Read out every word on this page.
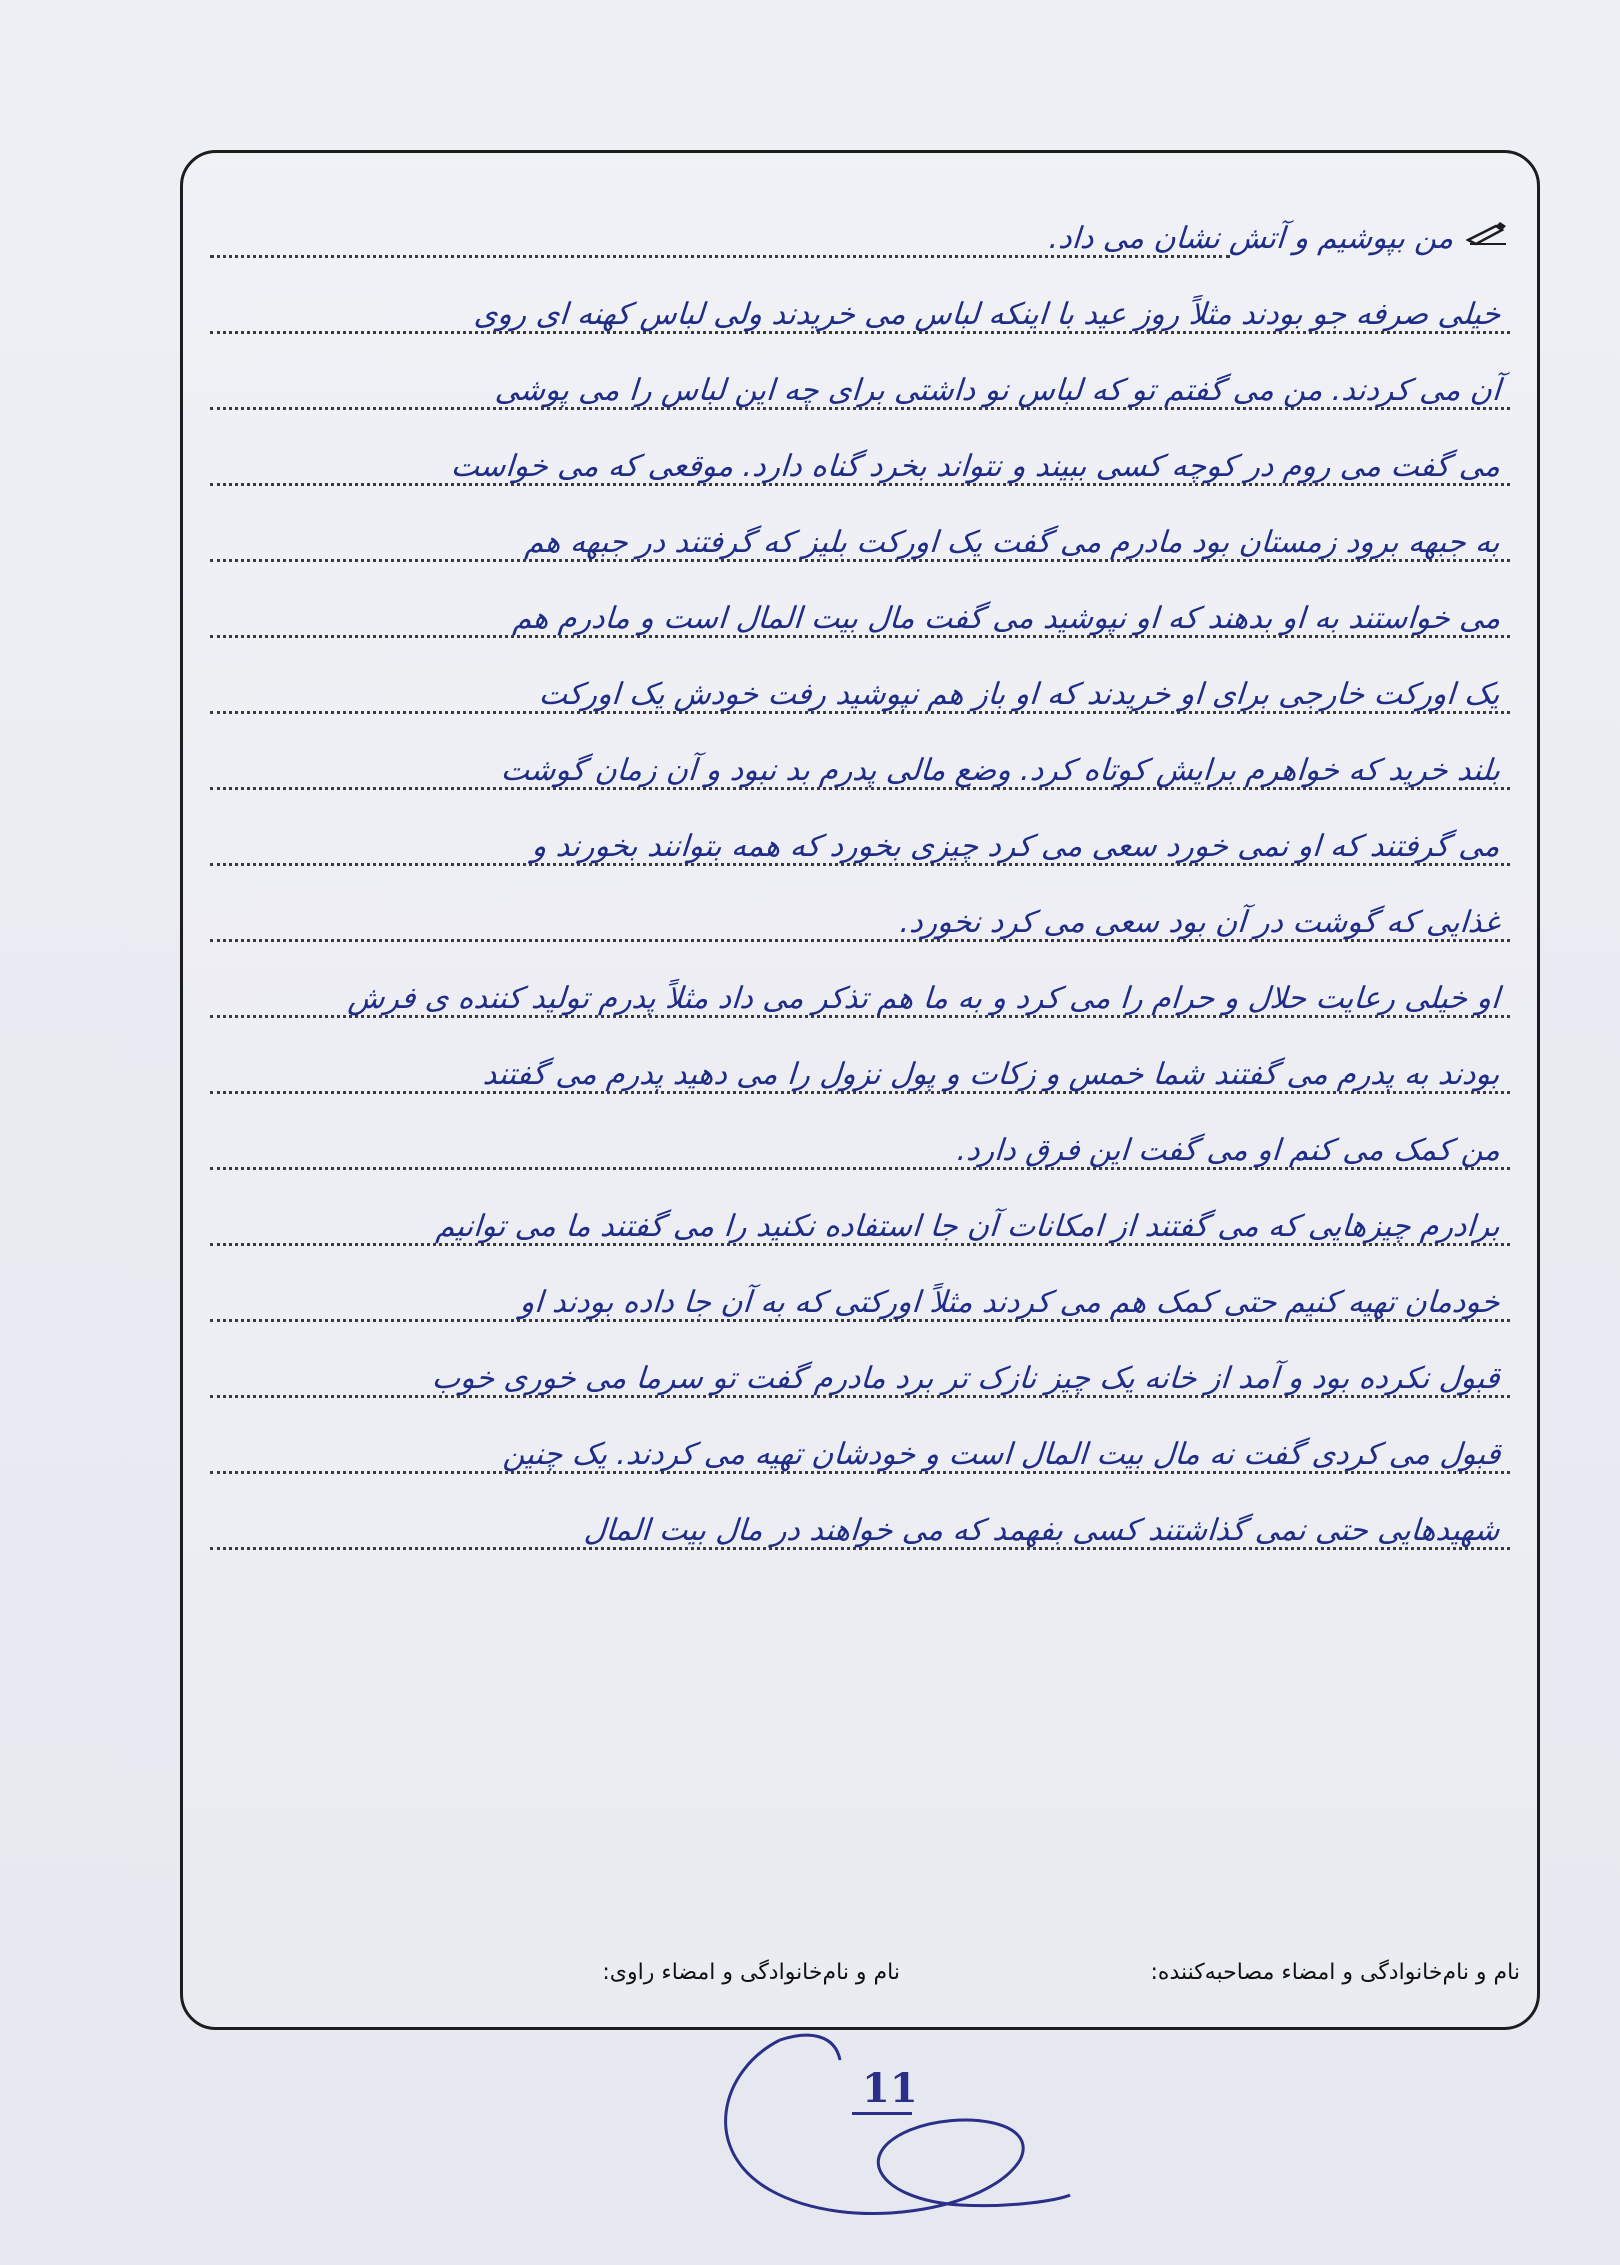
من بپوشیم و آتش نشان می داد.
خیلی صرفه جو بودند مثلاً روز عید با اینکه لباس می خریدند ولی لباس کهنه ای روی
آن می کردند. من می گفتم تو که لباس نو داشتی برای چه این لباس را می پوشی
می گفت می روم در کوچه کسی ببیند و نتواند بخرد گناه دارد. موقعی که می خواست
به جبهه برود زمستان بود مادرم می گفت یک اورکت بلیز که گرفتند در جبهه هم
می خواستند به او بدهند که او نپوشید می گفت مال بیت المال است و مادرم هم
یک اورکت خارجی برای او خریدند که او باز هم نپوشید رفت خودش یک اورکت
بلند خرید که خواهرم برایش کوتاه کرد. وضع مالی پدرم بد نبود و آن زمان گوشت
می گرفتند که او نمی خورد سعی می کرد چیزی بخورد که همه بتوانند بخورند و
غذایی که گوشت در آن بود سعی می کرد نخورد.
او خیلی رعایت حلال و حرام را می کرد و به ما هم تذکر می داد مثلاً پدرم تولید کننده ی فرش
بودند به پدرم می گفتند شما خمس و زکات و پول نزول را می دهید پدرم می گفتند
من کمک می کنم او می گفت این فرق دارد.
برادرم چیزهایی که می گفتند از امکانات آن جا استفاده نکنید را می گفتند ما می توانیم
خودمان تهیه کنیم حتی کمک هم می کردند مثلاً اورکتی که به آن جا داده بودند او
قبول نکرده بود و آمد از خانه یک چیز نازک تر برد مادرم گفت تو سرما می خوری خوب
قبول می کردی گفت نه مال بیت المال است و خودشان تهیه می کردند. یک چنین
شهیدهایی حتی نمی گذاشتند کسی بفهمد که می خواهند در مال بیت المال
نام و نام‌خانوادگی و امضاء مصاحبه‌کننده:
نام و نام‌خانوادگی و امضاء راوی:
11
